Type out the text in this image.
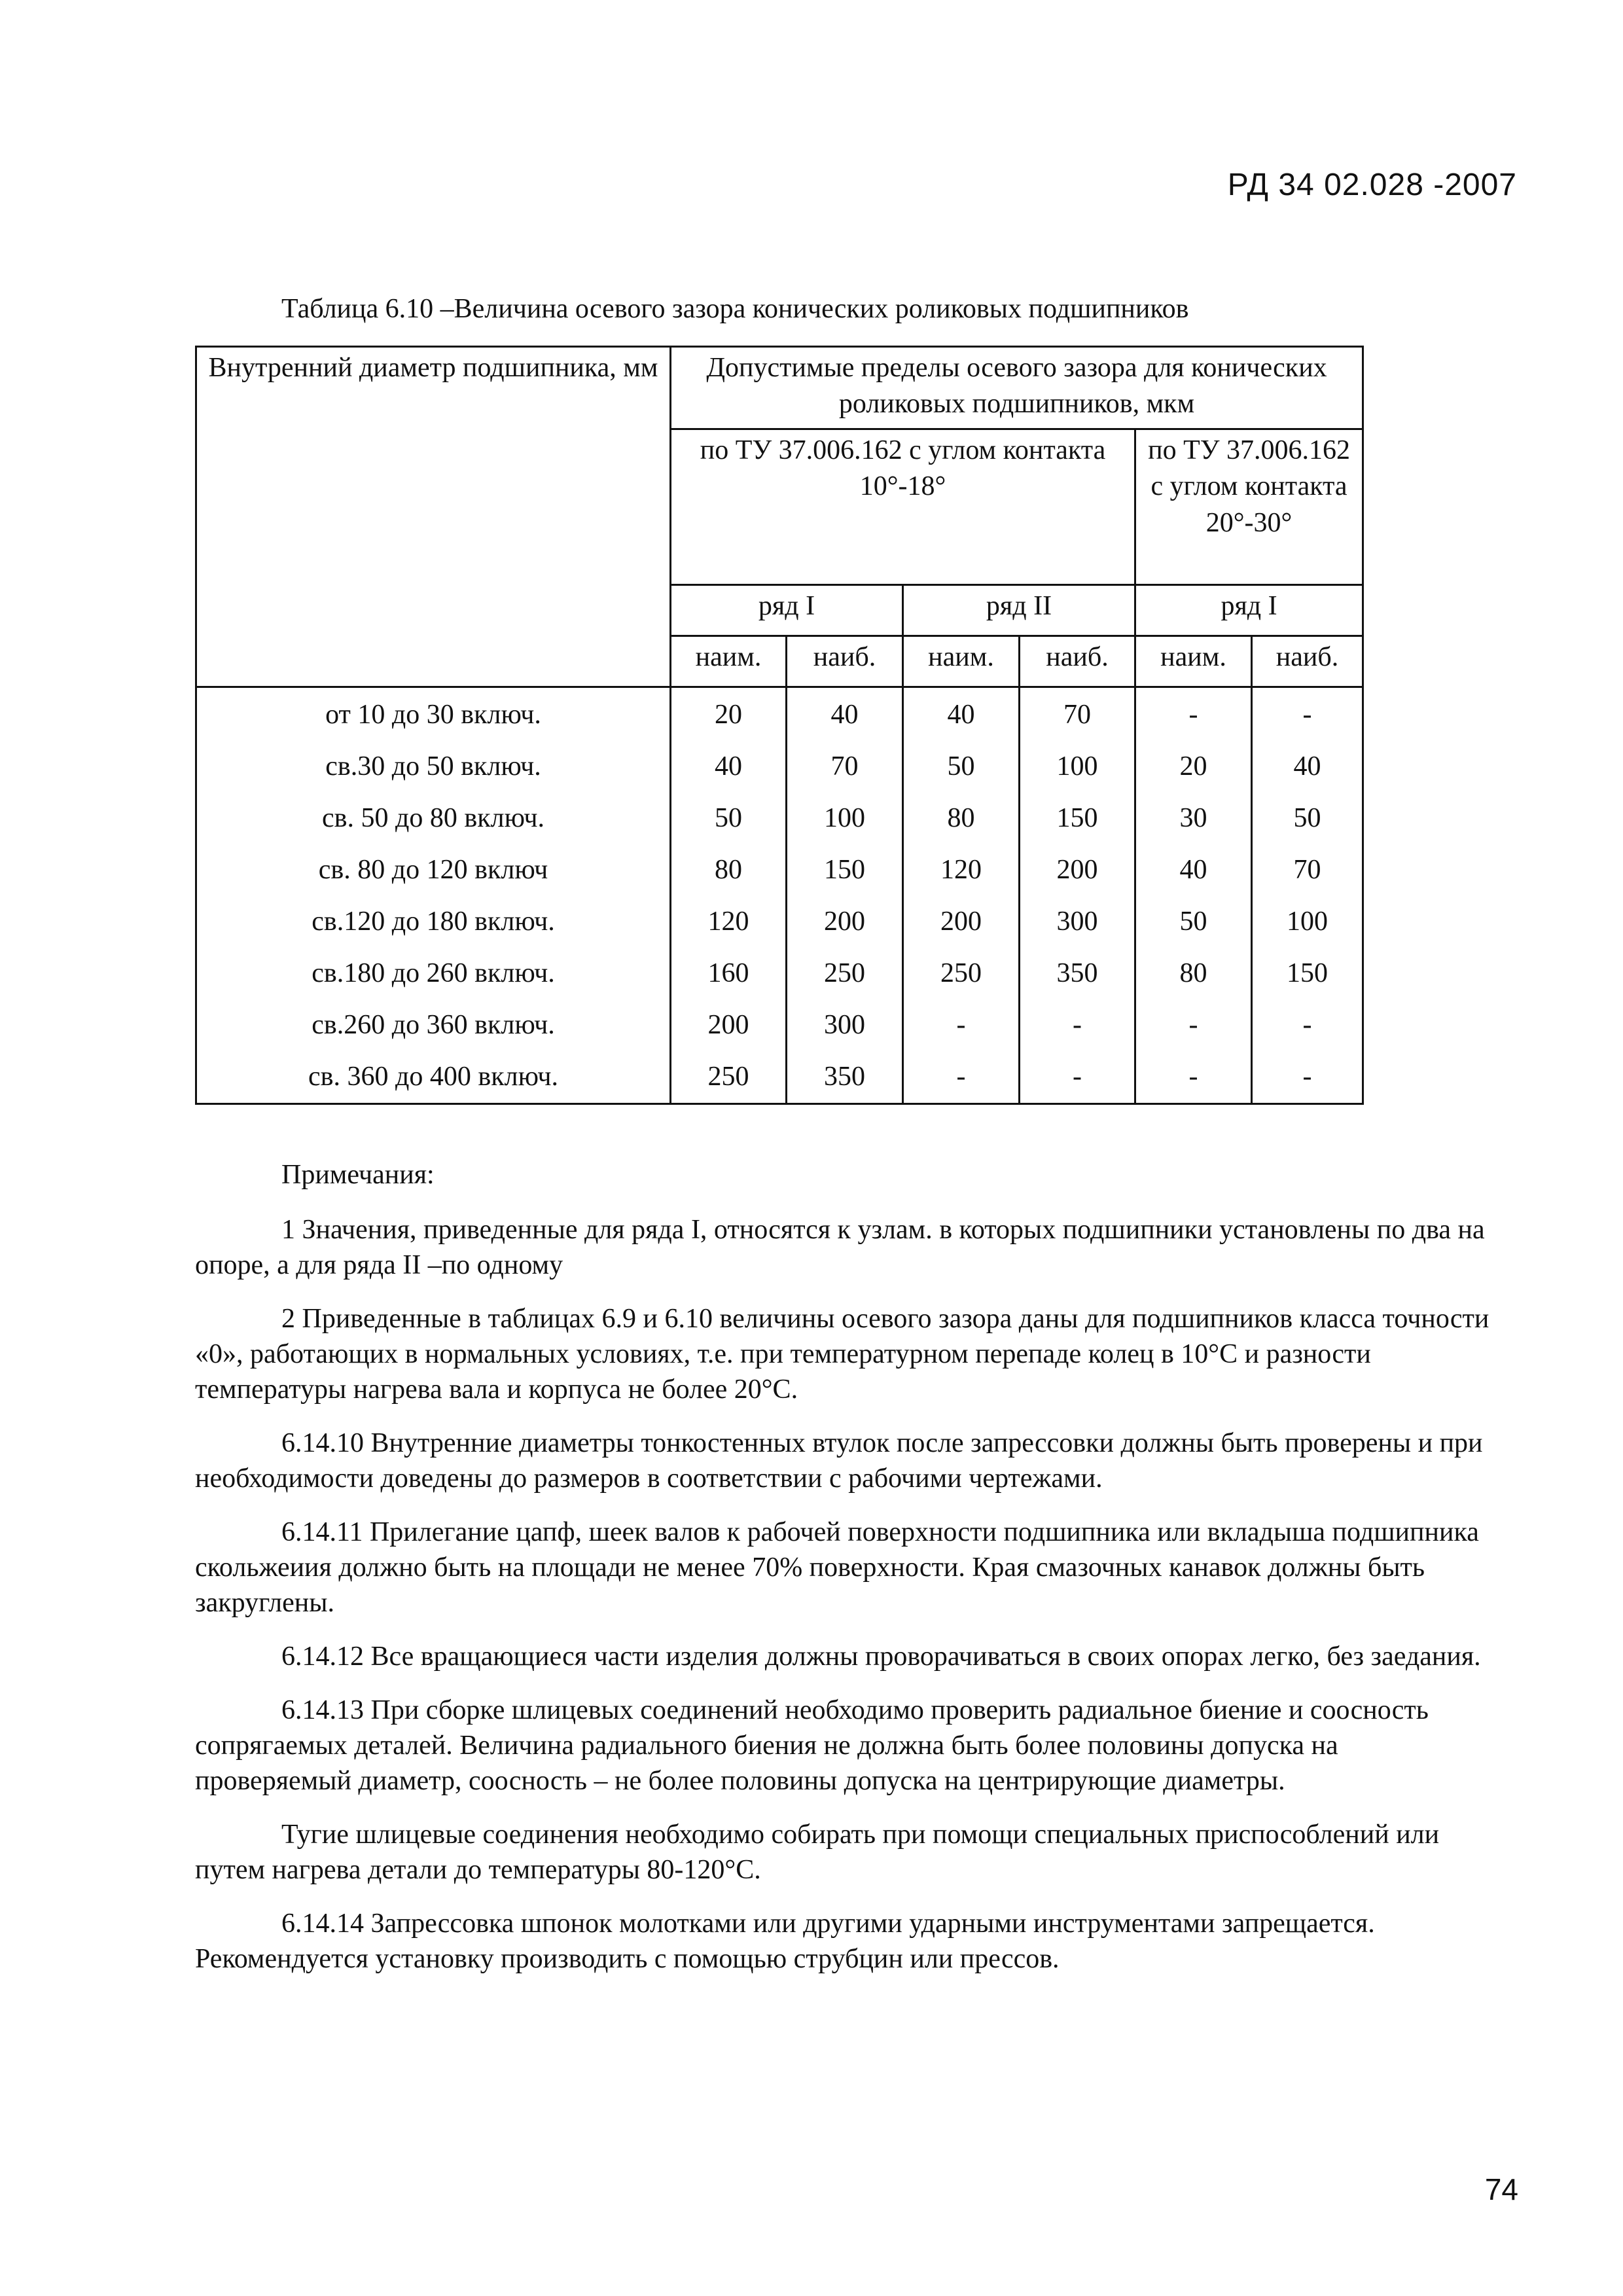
РД 34 02.028 -2007
Таблица 6.10 –Величина осевого зазора конических роликовых подшипников
Внутренний диаметр подшипника, мм	Допустимые пределы осевого зазора для конических роликовых подшипников, мкм					
	по ТУ 37.006.162 с углом контакта 10°-18°				по ТУ 37.006.162 с углом контакта 20°-30°	
	ряд I		ряд II		ряд I	
	наим.	наиб.	наим.	наиб.	наим.	наиб.
от 10 до 30 включ.	20	40	40	70	-	-
св.30 до 50 включ.	40	70	50	100	20	40
св. 50 до 80 включ.	50	100	80	150	30	50
св. 80 до 120 включ	80	150	120	200	40	70
св.120 до 180 включ.	120	200	200	300	50	100
св.180 до 260 включ.	160	250	250	350	80	150
св.260 до 360 включ.	200	300	-	-	-	-
св. 360 до 400 включ.	250	350	-	-	-	-

Примечания:

1 Значения, приведенные для ряда I, относятся к узлам. в которых подшипники установлены по два на опоре, а для ряда II –по одному

2 Приведенные в таблицах 6.9 и 6.10 величины осевого зазора даны для подшипников класса точности «0», работающих в нормальных условиях, т.е. при температурном перепаде колец в 10°С и разности температуры нагрева вала и корпуса не более 20°С.

6.14.10 Внутренние диаметры тонкостенных втулок после запрессовки должны быть проверены и при необходимости доведены до размеров в соответствии с рабочими чертежами.

6.14.11 Прилегание цапф, шеек валов к рабочей поверхности подшипника или вкладыша подшипника скольжеиия должно быть на площади не менее 70% поверхности. Края смазочных канавок должны быть закруглены.

6.14.12 Все вращающиеся части изделия должны проворачиваться в своих опорах легко, без заедания.

6.14.13 При сборке шлицевых соединений необходимо проверить радиальное биение и соосность сопрягаемых деталей. Величина радиального биения не должна быть более половины допуска на проверяемый диаметр, соосность – не более половины допуска на центрирующие диаметры.

Тугие шлицевые соединения необходимо собирать при помощи специальных приспособлений или путем нагрева детали до температуры 80-120°С.

6.14.14 Запрессовка шпонок молотками или другими ударными инструментами запрещается. Рекомендуется установку производить с помощью струбцин или прессов.

74
